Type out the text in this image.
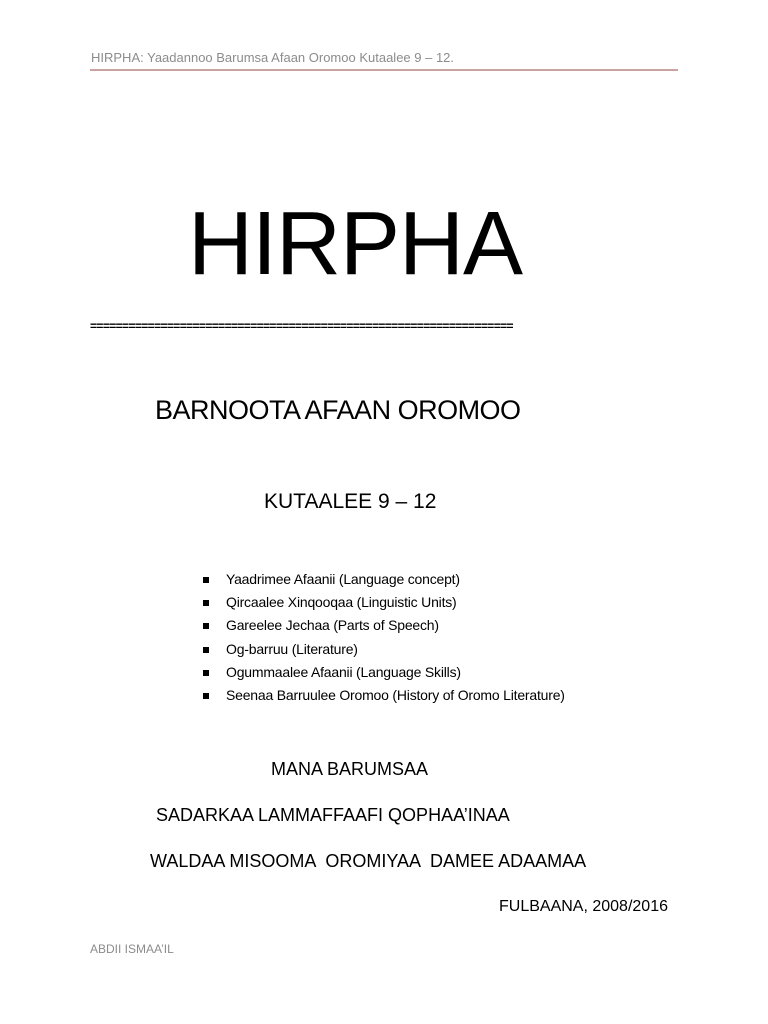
HIRPHA: Yaadannoo Barumsa Afaan Oromoo Kutaalee 9 – 12.
HIRPHA
==================================================================
BARNOOTA AFAAN OROMOO
KUTAALEE 9 – 12
Yaadrimee Afaanii (Language concept)
Qircaalee Xinqooqaa (Linguistic Units)
Gareelee Jechaa (Parts of Speech)
Og-barruu (Literature)
Ogummaalee Afaanii (Language Skills)
Seenaa Barruulee Oromoo (History of Oromo Literature)
MANA BARUMSAA
SADARKAA LAMMAFFAAFI QOPHAA’INAA
WALDAA MISOOMA  OROMIYAA  DAMEE ADAAMAA
FULBAANA, 2008/2016
ABDII ISMAA’IL
